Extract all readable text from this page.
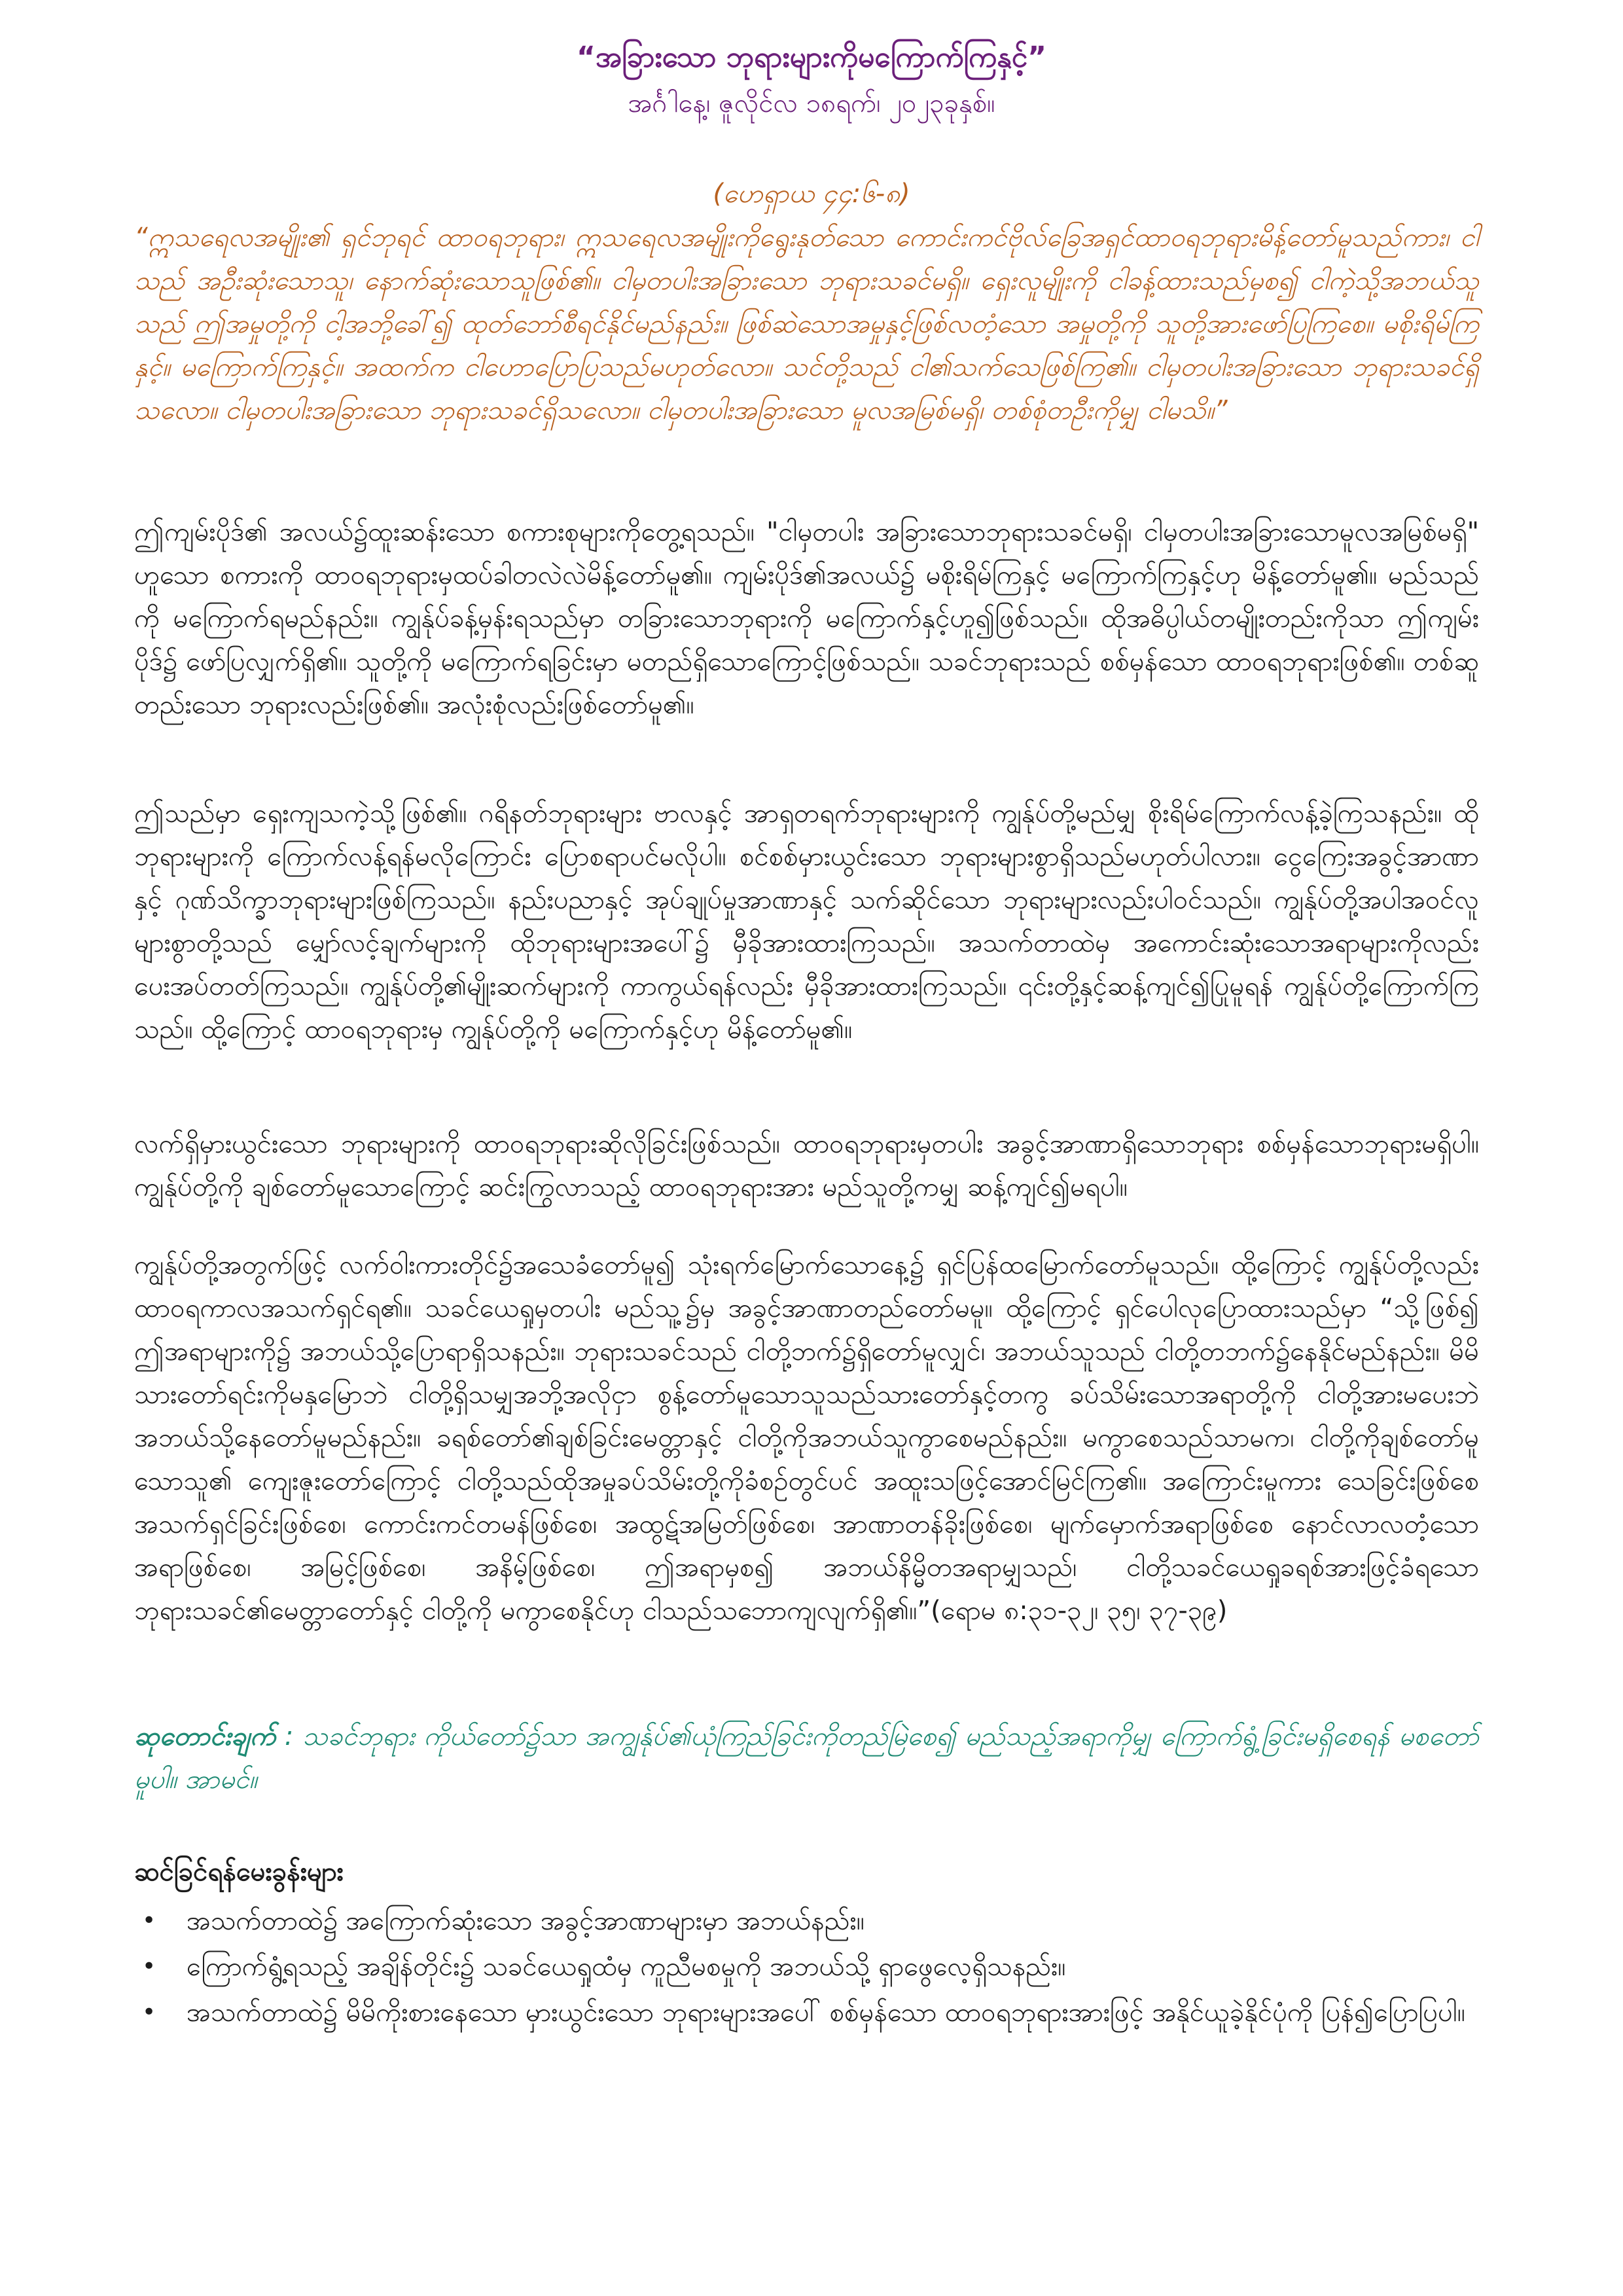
“အခြားသော ဘုရားများကိုမကြောက်ကြနှင့်”
အင်္ဂါနေ့၊ ဇူလိုင်လ ၁၈ရက်၊ ၂၀၂၃ခုနှစ်။
(ဟေရှာယ ၄၄:၆-၈)
“ဣသရေလအမျိုး၏ ရှင်ဘုရင် ထာဝရဘုရား၊ ဣသရေလအမျိုးကိုရွေးနုတ်သော ကောင်းကင်ဗိုလ်ခြေအရှင်ထာဝရဘုရားမိန့်တော်မူသည်ကား၊ ငါသည် အဦးဆုံးသောသူ၊ နောက်ဆုံးသောသူဖြစ်၏။ ငါမှတပါးအခြားသော ဘုရားသခင်မရှိ။ ရှေးလူမျိုးကို ငါခန့်ထားသည်မှစ၍ ငါကဲ့သို့အဘယ်သူသည် ဤအမှုတို့ကို ငါ့အဘို့ခေါ်၍ ထုတ်ဘော်စီရင်နိုင်မည်နည်း။ ဖြစ်ဆဲသောအမှုနှင့်ဖြစ်လတံ့သော အမှုတို့ကို သူတို့အားဖော်ပြကြစေ။ မစိုးရိမ်ကြနှင့်။ မကြောက်ကြနှင့်။ အထက်က ငါဟောပြောပြသည်မဟုတ်လော။ သင်တို့သည် ငါ၏သက်သေဖြစ်ကြ၏။ ငါမှတပါးအခြားသော ဘုရားသခင်ရှိသလော။ ငါမှတပါးအခြားသော ဘုရားသခင်ရှိသလော။ ငါမှတပါးအခြားသော မူလအမြစ်မရှိ၊ တစ်စုံတဦးကိုမျှ ငါမသိ။”
ဤကျမ်းပိုဒ်၏ အလယ်၌ထူးဆန်းသော စကားစုများကိုတွေ့ရသည်။ "ငါမှတပါး အခြားသောဘုရားသခင်မရှိ၊ ငါမှတပါးအခြားသောမူလအမြစ်မရှိ" ဟူသော စကားကို ထာဝရဘုရားမှထပ်ခါတလဲလဲမိန့်တော်မူ၏။ ကျမ်းပိုဒ်၏အလယ်၌ မစိုးရိမ်ကြနှင့် မကြောက်ကြနှင့်ဟု မိန့်တော်မူ၏။ မည်သည်ကို မကြောက်ရမည်နည်း။ ကျွန်ုပ်ခန့်မှန်းရသည်မှာ တခြားသောဘုရားကို မကြောက်နှင့်ဟူ၍ဖြစ်သည်။ ထိုအဓိပ္ပါယ်တမျိုးတည်းကိုသာ ဤကျမ်းပိုဒ်၌ ဖော်ပြလျှက်ရှိ၏။ သူတို့ကို မကြောက်ရခြင်းမှာ မတည်ရှိသောကြောင့်ဖြစ်သည်။ သခင်ဘုရားသည် စစ်မှန်သော ထာဝရဘုရားဖြစ်၏။ တစ်ဆူတည်းသော ဘုရားလည်းဖြစ်၏။ အလုံးစုံလည်းဖြစ်တော်မူ၏။
ဤသည်မှာ ရှေးကျသကဲ့သို့ဖြစ်၏။ ဂရိနတ်ဘုရားများ ဗာလနှင့် အာရှတရက်ဘုရားများကို ကျွန်ုပ်တို့မည်မျှ စိုးရိမ်ကြောက်လန့်ခဲ့ကြသနည်း။ ထိုဘုရားများကို ကြောက်လန့်ရန်မလိုကြောင်း ပြောစရာပင်မလိုပါ။ စင်စစ်မှားယွင်းသော ဘုရားများစွာရှိသည်မဟုတ်ပါလား။ ငွေကြေးအခွင့်အာဏာနှင့် ဂုဏ်သိက္ခာဘုရားများဖြစ်ကြသည်။ နည်းပညာနှင့် အုပ်ချုပ်မှုအာဏာနှင့် သက်ဆိုင်သော ဘုရားများလည်းပါဝင်သည်။ ကျွန်ုပ်တို့အပါအဝင်လူများစွာတို့သည် မျှော်လင့်ချက်များကို ထိုဘုရားများအပေါ်၌ မှီခိုအားထားကြသည်။ အသက်တာထဲမှ အကောင်းဆုံးသောအရာများကိုလည်း ပေးအပ်တတ်ကြသည်။ ကျွန်ုပ်တို့၏မျိုးဆက်များကို ကာကွယ်ရန်လည်း မှီခိုအားထားကြသည်။ ၎င်းတို့နှင့်ဆန့်ကျင်၍ပြုမူရန် ကျွန်ုပ်တို့ကြောက်ကြသည်။ ထို့ကြောင့် ထာဝရဘုရားမှ ကျွန်ုပ်တို့ကို မကြောက်နှင့်ဟု မိန့်တော်မူ၏။
လက်ရှိမှားယွင်းသော ဘုရားများကို ထာဝရဘုရားဆိုလိုခြင်းဖြစ်သည်။ ထာဝရဘုရားမှတပါး အခွင့်အာဏာရှိသောဘုရား စစ်မှန်သောဘုရားမရှိပါ။ ကျွန်ုပ်တို့ကို ချစ်တော်မူသောကြောင့် ဆင်းကြွလာသည့် ထာဝရဘုရားအား မည်သူတို့ကမျှ ဆန့်ကျင်၍မရပါ။
ကျွန်ုပ်တို့အတွက်ဖြင့် လက်ဝါးကားတိုင်၌အသေခံတော်မူ၍ သုံးရက်မြောက်သောနေ့၌ ရှင်ပြန်ထမြောက်တော်မူသည်။ ထို့ကြောင့် ကျွန်ုပ်တို့လည်း ထာဝရကာလအသက်ရှင်ရ၏။ သခင်ယေရှုမှတပါး မည်သူ့၌မှ အခွင့်အာဏာတည်တော်မမူ။ ထို့ကြောင့် ရှင်ပေါလုပြောထားသည်မှာ “သို့ဖြစ်၍ ဤအရာများကို၌ အဘယ်သို့ပြောရာရှိသနည်း။ ဘုရားသခင်သည် ငါတို့ဘက်၌ရှိတော်မူလျှင်၊ အဘယ်သူသည် ငါတို့တဘက်၌နေနိုင်မည်နည်း။ မိမိသားတော်ရင်းကိုမနှမြောဘဲ ငါတို့ရှိသမျှအဘို့အလိုငှာ စွန့်တော်မူသောသူသည်သားတော်နှင့်တကွ ခပ်သိမ်းသောအရာတို့ကို ငါတို့အားမပေးဘဲ အဘယ်သို့နေတော်မူမည်နည်း။ ခရစ်တော်၏ချစ်ခြင်းမေတ္တာနှင့် ငါတို့ကိုအဘယ်သူကွာစေမည်နည်း။ မကွာစေသည်သာမက၊ ငါတို့ကိုချစ်တော်မူသောသူ၏ ကျေးဇူးတော်ကြောင့် ငါတို့သည်ထိုအမှုခပ်သိမ်းတို့ကိုခံစဉ်တွင်ပင် အထူးသဖြင့်အောင်မြင်ကြ၏။ အကြောင်းမူကား သေခြင်းဖြစ်စေ အသက်ရှင်ခြင်းဖြစ်စေ၊ ကောင်းကင်တမန်ဖြစ်စေ၊ အထွဋ်အမြတ်ဖြစ်စေ၊ အာဏာတန်ခိုးဖြစ်စေ၊ မျက်မှောက်အရာဖြစ်စေ နောင်လာလတံ့သောအရာဖြစ်စေ၊ အမြင့်ဖြစ်စေ၊ အနိမ့်ဖြစ်စေ၊ ဤအရာမှစ၍ အဘယ်နိမ္မိတအရာမျှသည်၊ ငါတို့သခင်ယေရှုခရစ်အားဖြင့်ခံရသော ဘုရားသခင်၏မေတ္တာတော်နှင့် ငါတို့ကို မကွာစေနိုင်ဟု ငါသည်သဘောကျလျက်ရှိ၏။”(ရောမ ၈:၃၁-၃၂၊ ၃၅၊ ၃၇-၃၉)
ဆုတောင်းချက် : သခင်ဘုရား ကိုယ်တော်၌သာ အကျွန်ုပ်၏ယုံကြည်ခြင်းကိုတည်မြဲစေ၍ မည်သည့်အရာကိုမျှ ကြောက်ရွံ့ခြင်းမရှိစေရန် မစတော်မူပါ။ အာမင်။
ဆင်ခြင်ရန်မေးခွန်းများ
• အသက်တာထဲ၌ အကြောက်ဆုံးသော အခွင့်အာဏာများမှာ အဘယ်နည်း။
• ကြောက်ရွံ့ရသည့် အချိန်တိုင်း၌ သခင်ယေရှုထံမှ ကူညီမစမှုကို အဘယ်သို့ ရှာဖွေလေ့ရှိသနည်း။
• အသက်တာထဲ၌ မိမိကိုးစားနေသော မှားယွင်းသော ဘုရားများအပေါ် စစ်မှန်သော ထာဝရဘုရားအားဖြင့် အနိုင်ယူခဲ့နိုင်ပုံကို ပြန်၍ပြောပြပါ။
